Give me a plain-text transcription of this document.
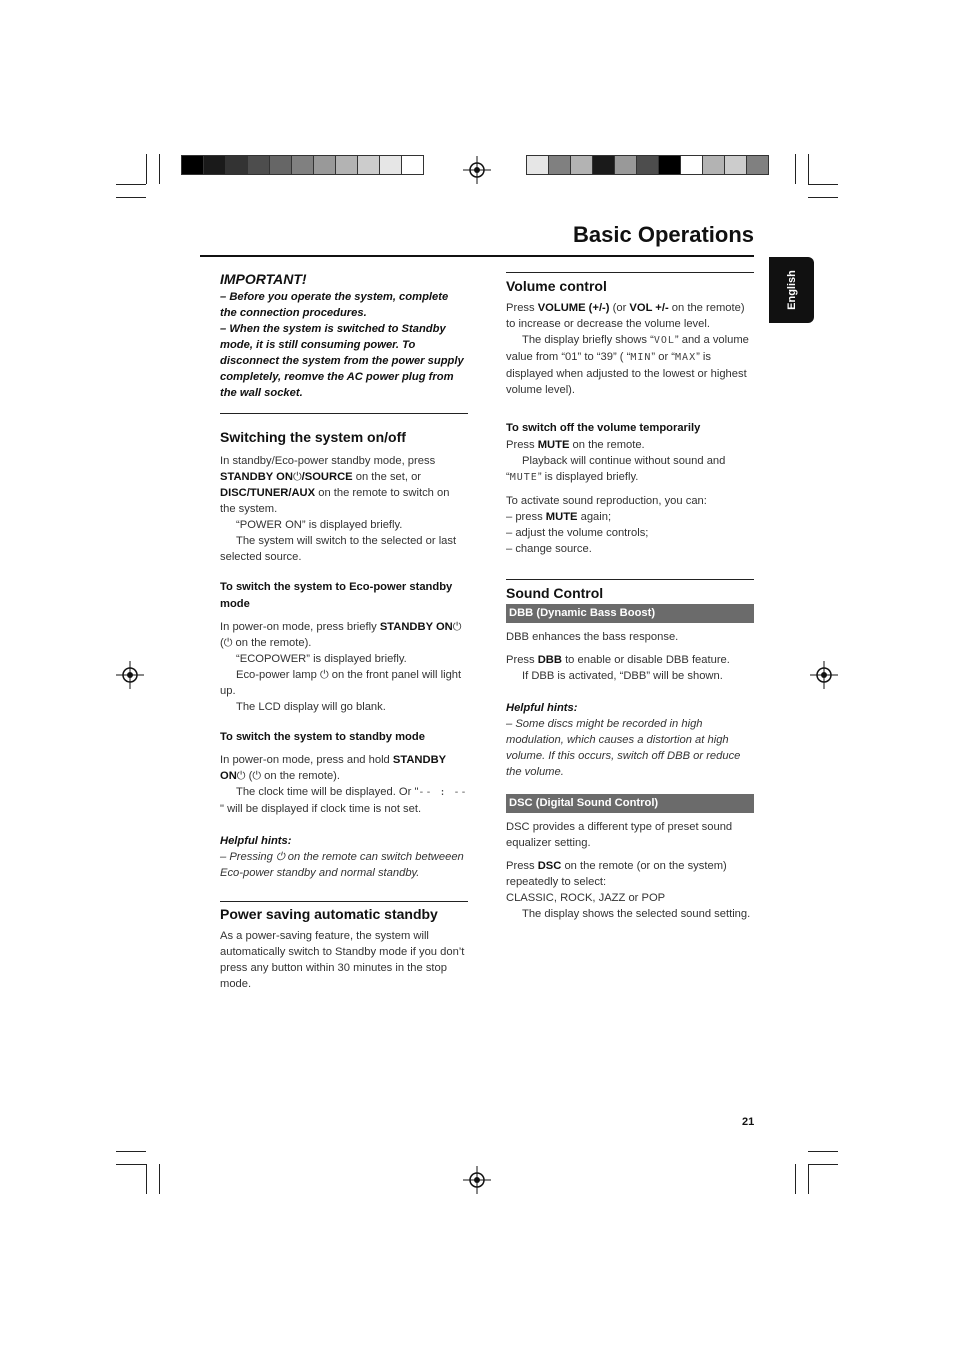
Basic Operations
English

IMPORTANT!

– Before you operate the system, complete the connection procedures.

– When the system is switched to Standby mode, it is still consuming power. To disconnect the system from the power supply completely, reomve the AC power plug from the wall socket.

Switching the system on/off

In standby/Eco-power standby mode, press STANDBY ON⏻/SOURCE on the set, or DISC/TUNER/AUX on the remote to switch on the system.

“POWER ON” is displayed briefly.

The system will switch to the selected or last selected source.

To switch the system to Eco-power standby mode

In power-on mode, press briefly STANDBY ON⏻ (⏻ on the remote).

“ECOPOWER” is displayed briefly.

Eco-power lamp ⏻ on the front panel will light up.

The LCD display will go blank.

To switch the system to standby mode

In power-on mode, press and hold STANDBY ON⏻ (⏻ on the remote).

The clock time will be displayed. Or "-- : --" will be displayed if clock time is not set.

Helpful hints:

– Pressing ⏻ on the remote can switch betweeen Eco-power standby and normal standby.

Power saving automatic standby

As a power-saving feature, the system will automatically switch to Standby mode if you don’t press any button within 30 minutes in the stop mode.

Volume control

Press VOLUME (+/-) (or VOL +/- on the remote) to increase or decrease the volume level.

The display briefly shows “VOL” and a volume value from “01” to “39” ( “MIN” or “MAX” is displayed when adjusted to the lowest or highest volume level).

To switch off the volume temporarily

Press MUTE on the remote.

Playback will continue without sound and “MUTE” is displayed briefly.

To activate sound reproduction, you can:

– press MUTE again;

– adjust the volume controls;

– change source.

Sound Control

DBB (Dynamic Bass Boost)

DBB enhances the bass response.

Press DBB to enable or disable DBB feature.

If DBB is activated, “DBB” will be shown.

Helpful hints:

– Some discs might be recorded in high modulation, which causes a distortion at high volume. If this occurs, switch off DBB or reduce the volume.

DSC (Digital Sound Control)

DSC provides a different type of preset sound equalizer setting.

Press DSC on the remote (or on the system) repeatedly to select:

CLASSIC, ROCK, JAZZ or POP

The display shows the selected sound setting.

21
